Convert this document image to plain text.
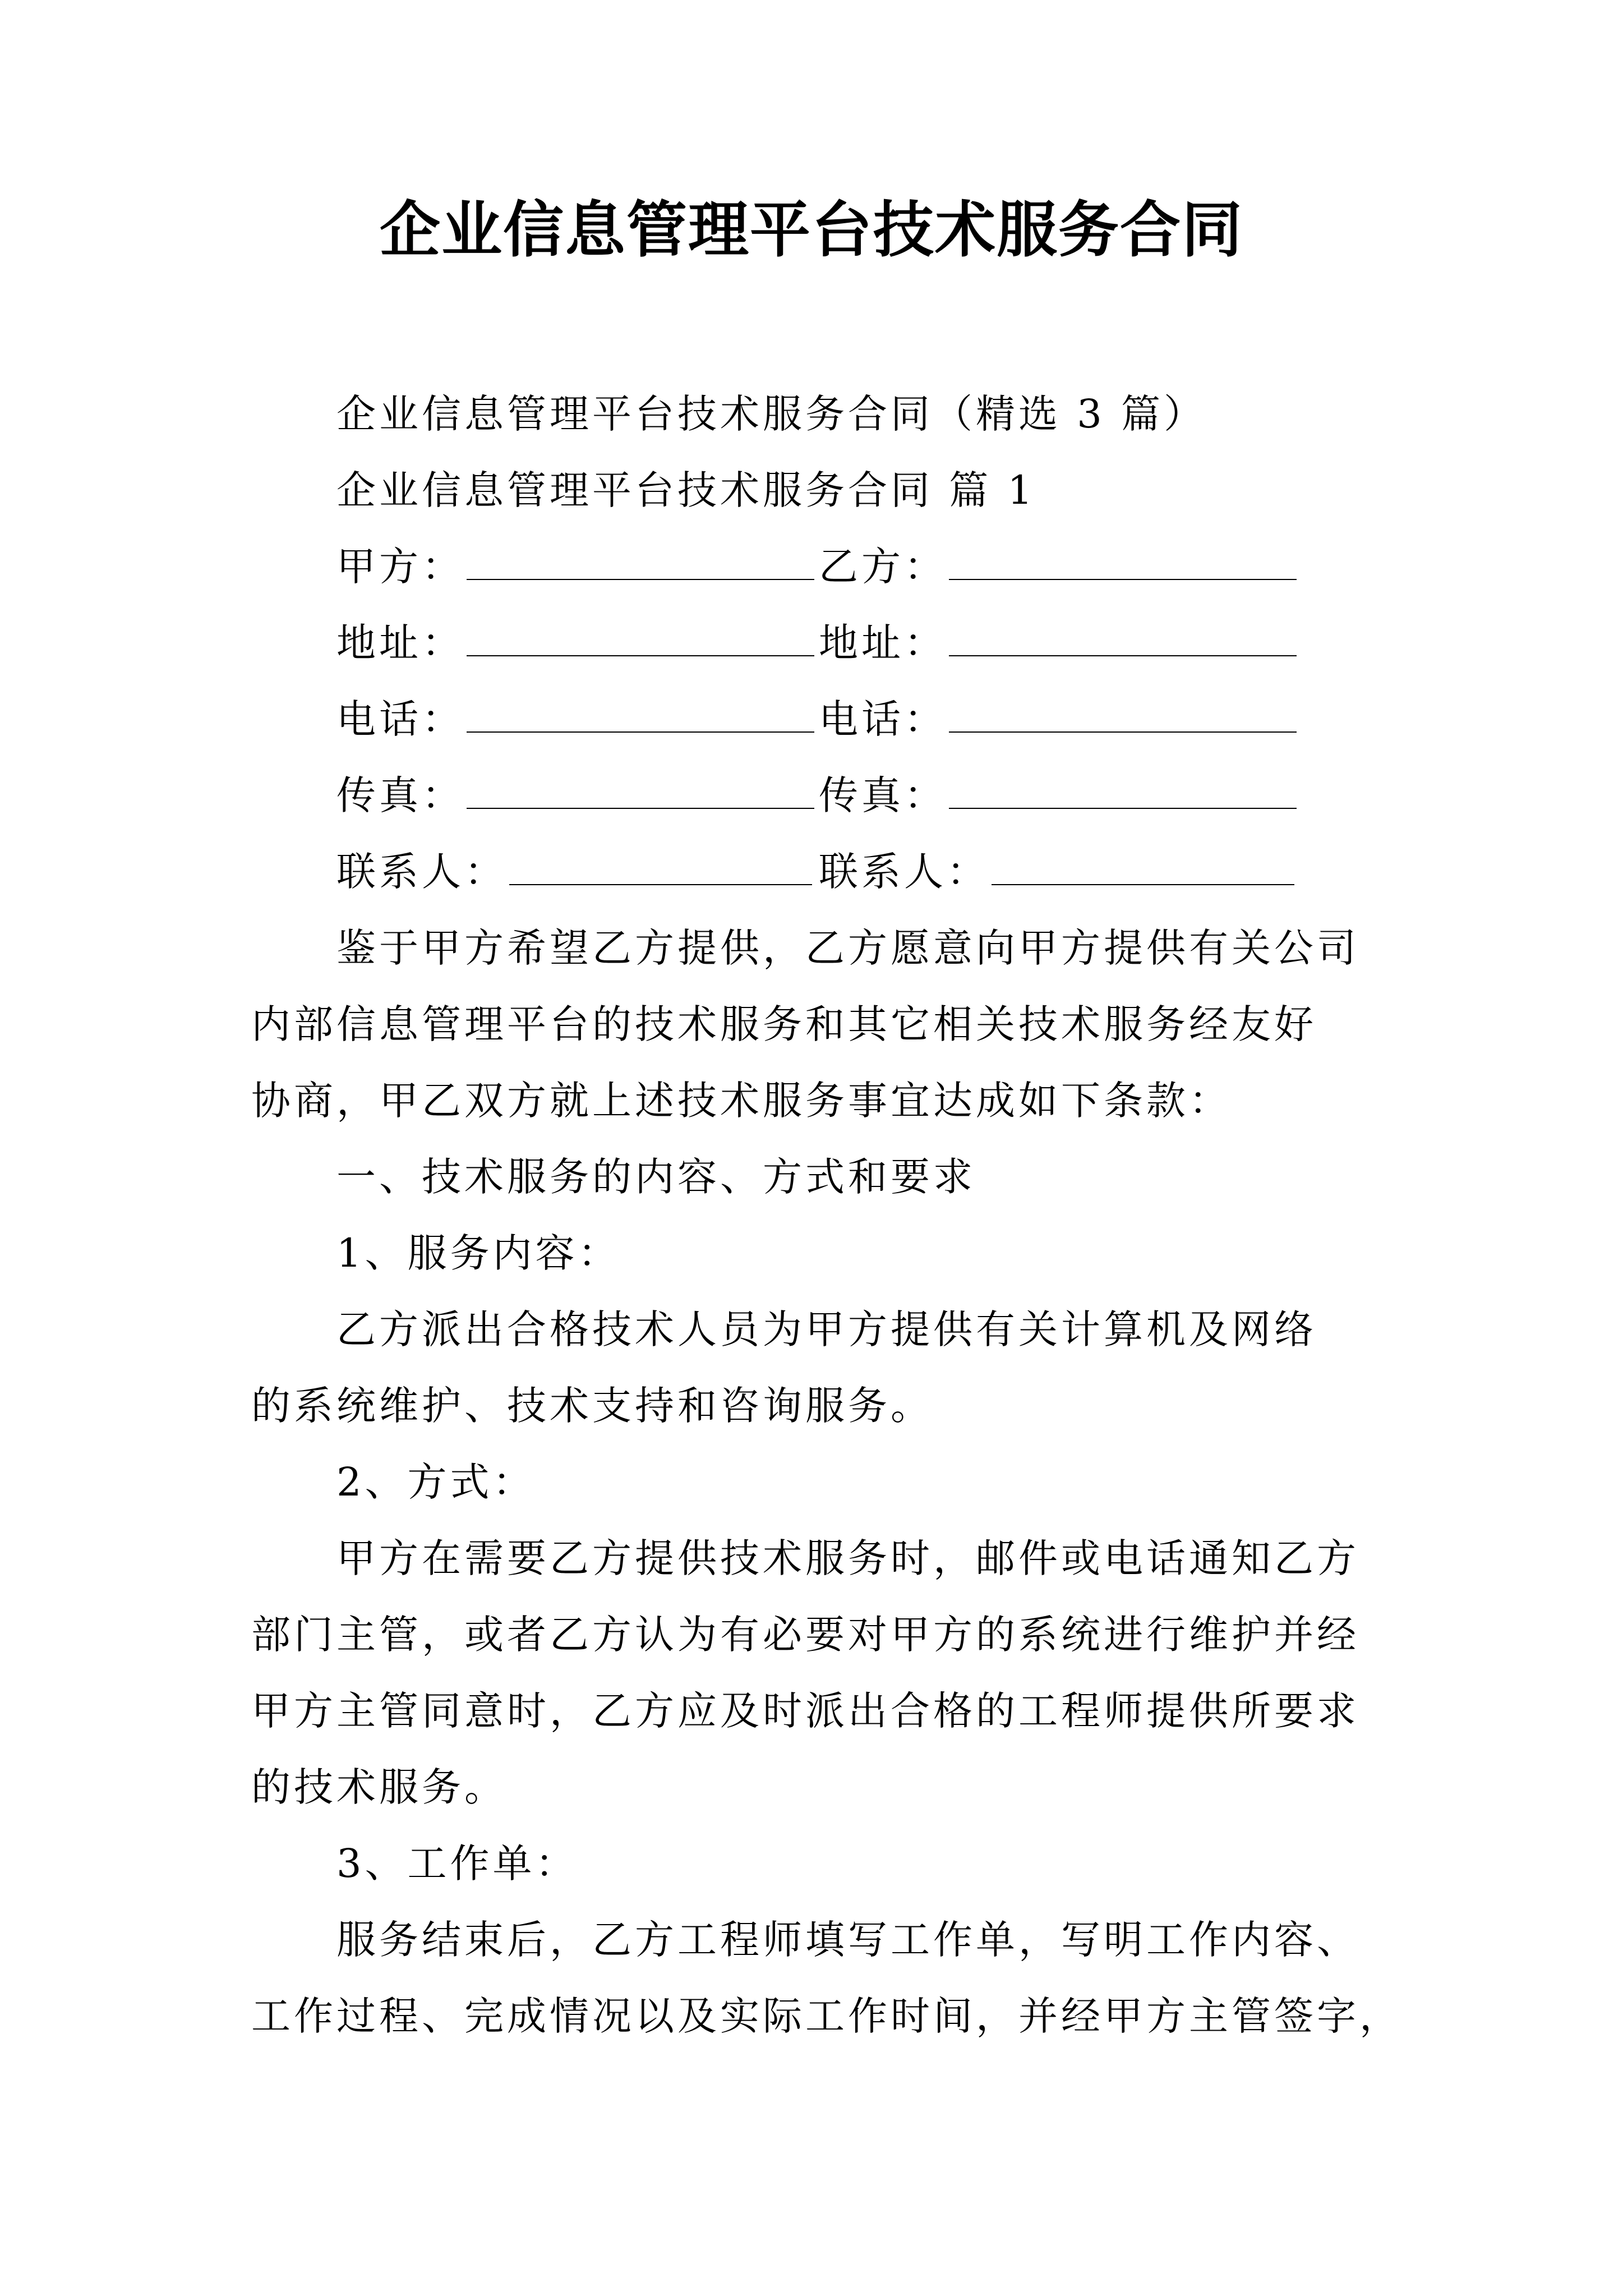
企业信息管理平台技术服务合同
企业信息管理平台技术服务合同（精选 3 篇）
企业信息管理平台技术服务合同 篇 1
甲方：	乙方：
地址：	地址：
电话：	电话：
传真：	传真：
联系人：	联系人：
鉴于甲方希望乙方提供，乙方愿意向甲方提供有关公司
内部信息管理平台的技术服务和其它相关技术服务经友好
协商，甲乙双方就上述技术服务事宜达成如下条款：
一、技术服务的内容、方式和要求
1、服务内容：
乙方派出合格技术人员为甲方提供有关计算机及网络
的系统维护、技术支持和咨询服务。
2、方式：
甲方在需要乙方提供技术服务时，邮件或电话通知乙方
部门主管，或者乙方认为有必要对甲方的系统进行维护并经
甲方主管同意时，乙方应及时派出合格的工程师提供所要求
的技术服务。
3、工作单：
服务结束后，乙方工程师填写工作单，写明工作内容、
工作过程、完成情况以及实际工作时间，并经甲方主管签字，
